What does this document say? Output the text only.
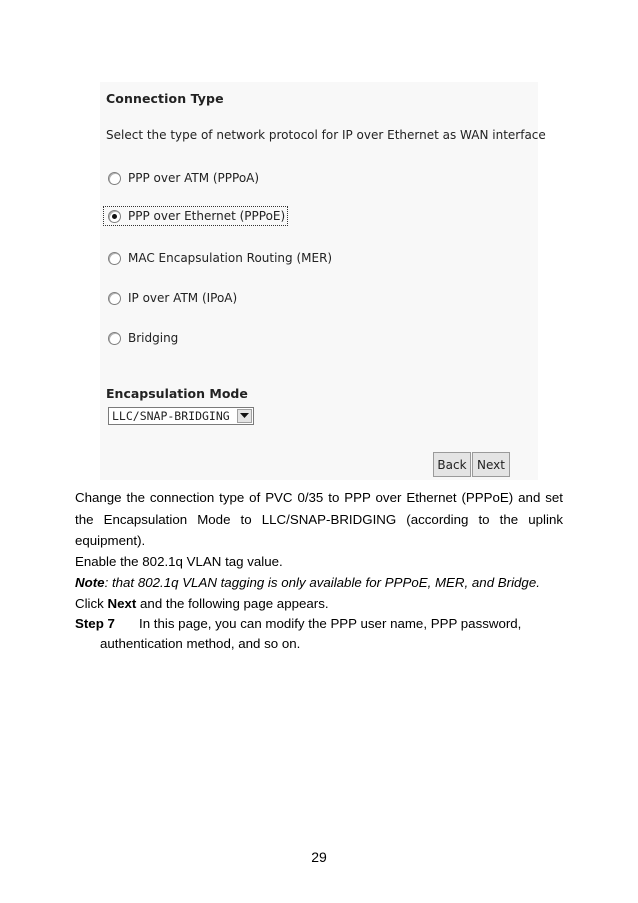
Connection Type
Select the type of network protocol for IP over Ethernet as WAN interface
PPP over ATM (PPPoA)
PPP over Ethernet (PPPoE)
MAC Encapsulation Routing (MER)
IP over ATM (IPoA)
Bridging
Encapsulation Mode
LLC/SNAP-BRIDGING
Back Next
Change the connection type of PVC 0/35 to PPP over Ethernet (PPPoE) and set
the Encapsulation Mode to LLC/SNAP-BRIDGING (according to the uplink
equipment).
Enable the 802.1q VLAN tag value.
Note: that 802.1q VLAN tagging is only available for PPPoE, MER, and Bridge.
Click Next and the following page appears.
Step 7 In this page, you can modify the PPP user name, PPP password,
authentication method, and so on.
29
